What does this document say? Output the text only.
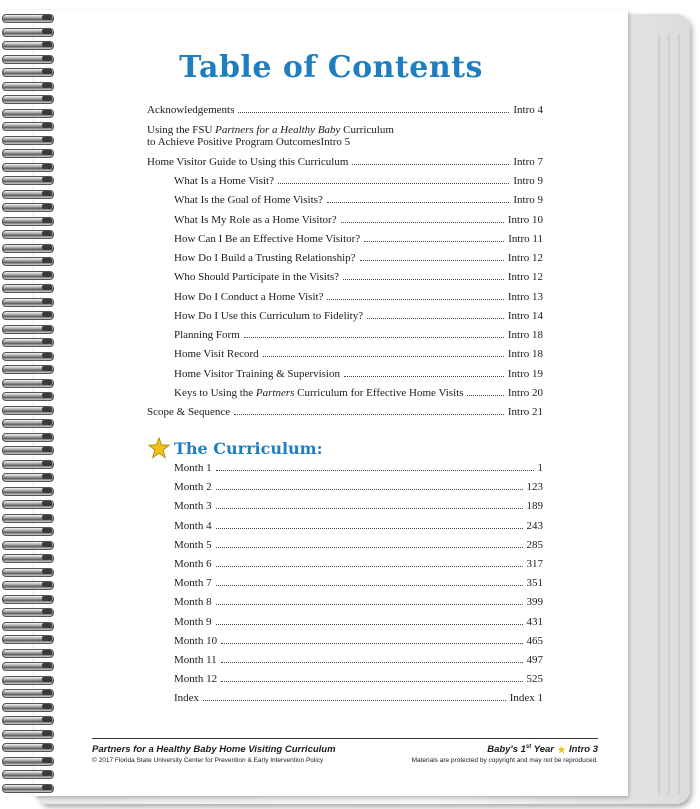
Table of Contents
Acknowledgements	Intro 4
Using the FSU Partners for a Healthy Baby Curriculum
to Achieve Positive Program Outcomes Intro 5
Home Visitor Guide to Using this Curriculum	Intro 7
What Is a Home Visit?	Intro 9
What Is the Goal of Home Visits?	Intro 9
What Is My Role as a Home Visitor?	Intro 10
How Can I Be an Effective Home Visitor?	Intro 11
How Do I Build a Trusting Relationship?	Intro 12
Who Should Participate in the Visits?	Intro 12
How Do I Conduct a Home Visit?	Intro 13
How Do I Use this Curriculum to Fidelity?	Intro 14
Planning Form	Intro 18
Home Visit Record	Intro 18
Home Visitor Training & Supervision	Intro 19
Keys to Using the Partners Curriculum for Effective Home Visits	Intro 20
Scope & Sequence	Intro 21
The Curriculum:
Month 1	1
Month 2	123
Month 3	189
Month 4	243
Month 5	285
Month 6	317
Month 7	351
Month 8	399
Month 9	431
Month 10	465
Month 11	497
Month 12	525
Index	Index 1
Partners for a Healthy Baby Home Visiting Curriculum
© 2017 Florida State University Center for Prevention & Early Intervention Policy
Baby's 1st Year Intro 3
Materials are protected by copyright and may not be reproduced.
